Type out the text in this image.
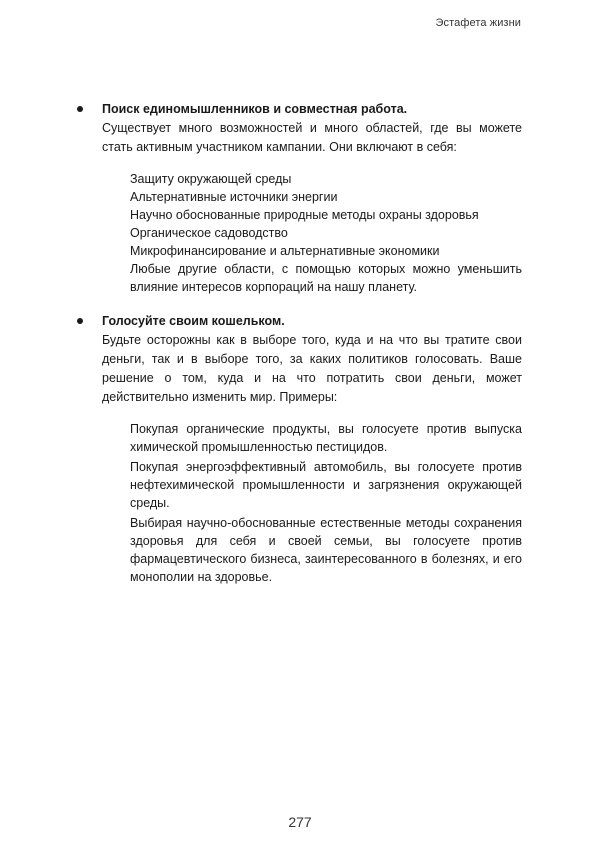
Эстафета жизни

Поиск единомышленников и совместная работа.

Существует много возможностей и много областей, где вы можете стать активным участником кампании. Они включают в себя:

Защиту окружающей среды
Альтернативные источники энергии
Научно обоснованные природные методы охраны здоровья
Органическое садоводство
Микрофинансирование и альтернативные экономики
Любые другие области, с помощью которых можно уменьшить влияние интересов корпораций на нашу планету.

Голосуйте своим кошельком.

Будьте осторожны как в выборе того, куда и на что вы тратите свои деньги, так и в выборе того, за каких политиков голосовать. Ваше решение о том, куда и на что потратить свои деньги, может действительно изменить мир. Примеры:

Покупая органические продукты, вы голосуете против выпуска химической промышленностью пестицидов.
Покупая энергоэффективный автомобиль, вы голосуете против нефтехимической промышленности и загрязнения окружающей среды.
Выбирая научно-обоснованные естественные методы сохранения здоровья для себя и своей семьи, вы голосуете против фармацевтического бизнеса, заинтересованного в болезнях, и его монополии на здоровье.
277
